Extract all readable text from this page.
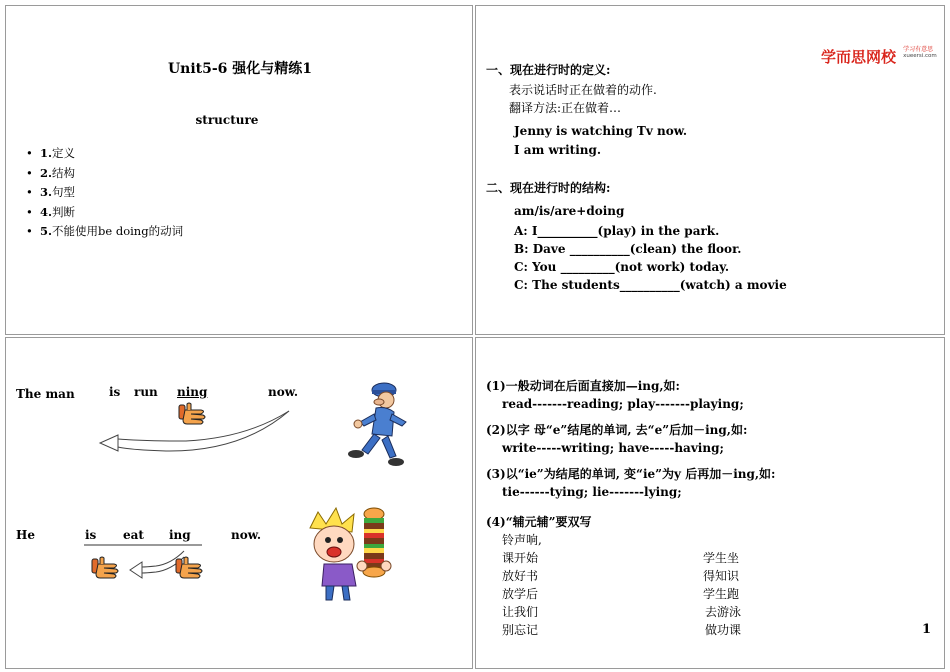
Unit5-6 强化与精练1
structure
• 1.定义
• 2.结构
• 3.句型
• 4.判断
• 5.不能使用be doing的动词
学而思网校 学习有意思
xueersi.com
一、现在进行时的定义:
表示说话时正在做着的动作.
翻译方法:正在做着…
Jenny is watching Tv now.
I am writing.
二、现在进行时的结构:
am/is/are+doing
A: I__________(play) in the park.
B: Dave __________(clean) the floor.
C: You _________(not work) today.
C: The students__________(watch) a movie
The man	is run ning	now.
He	is eat ing	now.
(1)一般动词在后面直接加—ing,如:
read-------reading; play-------playing;
(2)以字 母“e”结尾的单词, 去“e”后加－ing,如:
write-----writing; have-----having;
(3)以“ie”为结尾的单词, 变“ie”为y 后再加－ing,如:
tie------tying; lie-------lying;
(4)“辅元辅”要双写
铃声响,
课开始	学生坐
放好书	得知识
放学后	学生跑
让我们	去游泳
别忘记	做功课	1
